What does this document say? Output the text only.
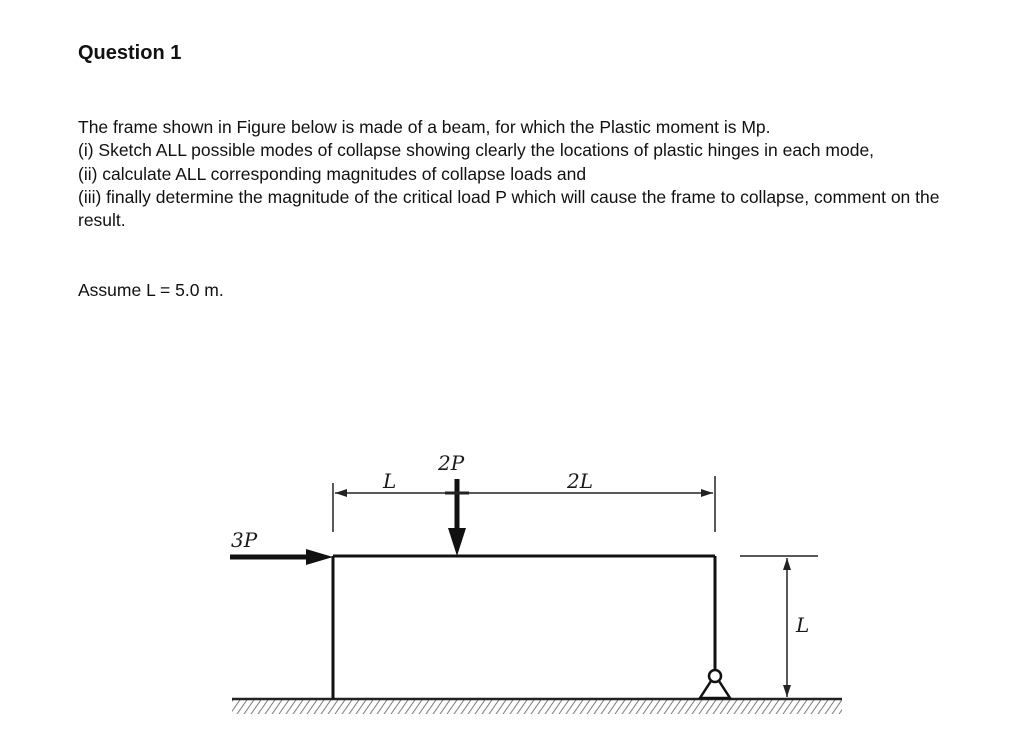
Question 1

The frame shown in Figure below is made of a beam, for which the Plastic moment is Mp.

(i) Sketch ALL possible modes of collapse showing clearly the locations of plastic hinges in each mode,

(ii) calculate ALL corresponding magnitudes of collapse loads and

(iii) finally determine the magnitude of the critical load P which will cause the frame to collapse, comment on the result.

Assume L = 5.0 m.
3P
2P
L	2L
L
